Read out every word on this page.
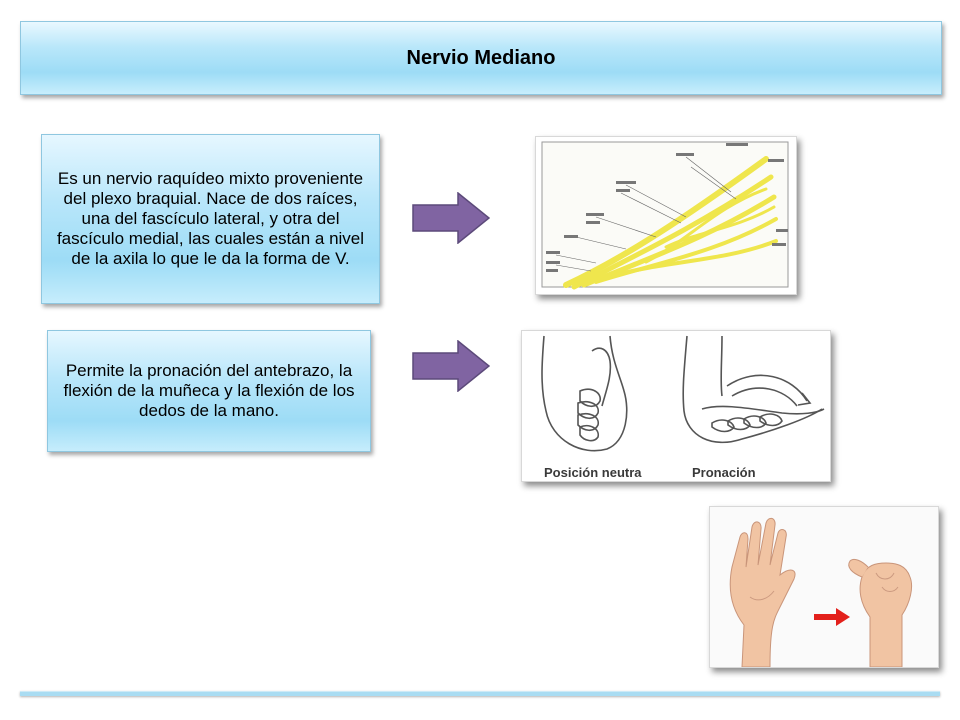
Nervio Mediano
Es un nervio raquídeo mixto proveniente del plexo braquial. Nace de dos raíces, una del fascículo lateral, y otra del fascículo medial, las cuales están a nivel de la axila lo que le da la forma de V.
Permite la pronación del antebrazo, la flexión de la muñeca y la flexión de los dedos de la mano.
Posición neutra	Pronación
